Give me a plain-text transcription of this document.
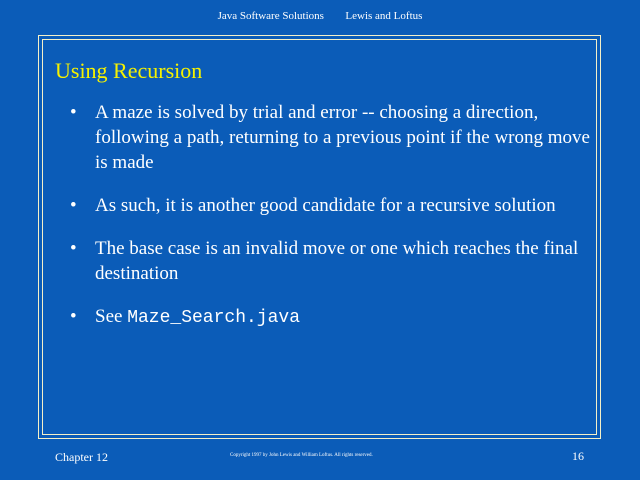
Java Software Solutions Lewis and Loftus
Using Recursion
• A maze is solved by trial and error -- choosing a direction, following a path, returning to a previous point if the wrong move is made
• As such, it is another good candidate for a recursive solution
• The base case is an invalid move or one which reaches the final destination
• See Maze_Search.java
Chapter 12	Copyright 1997 by John Lewis and William Loftus. All rights reserved.	16
